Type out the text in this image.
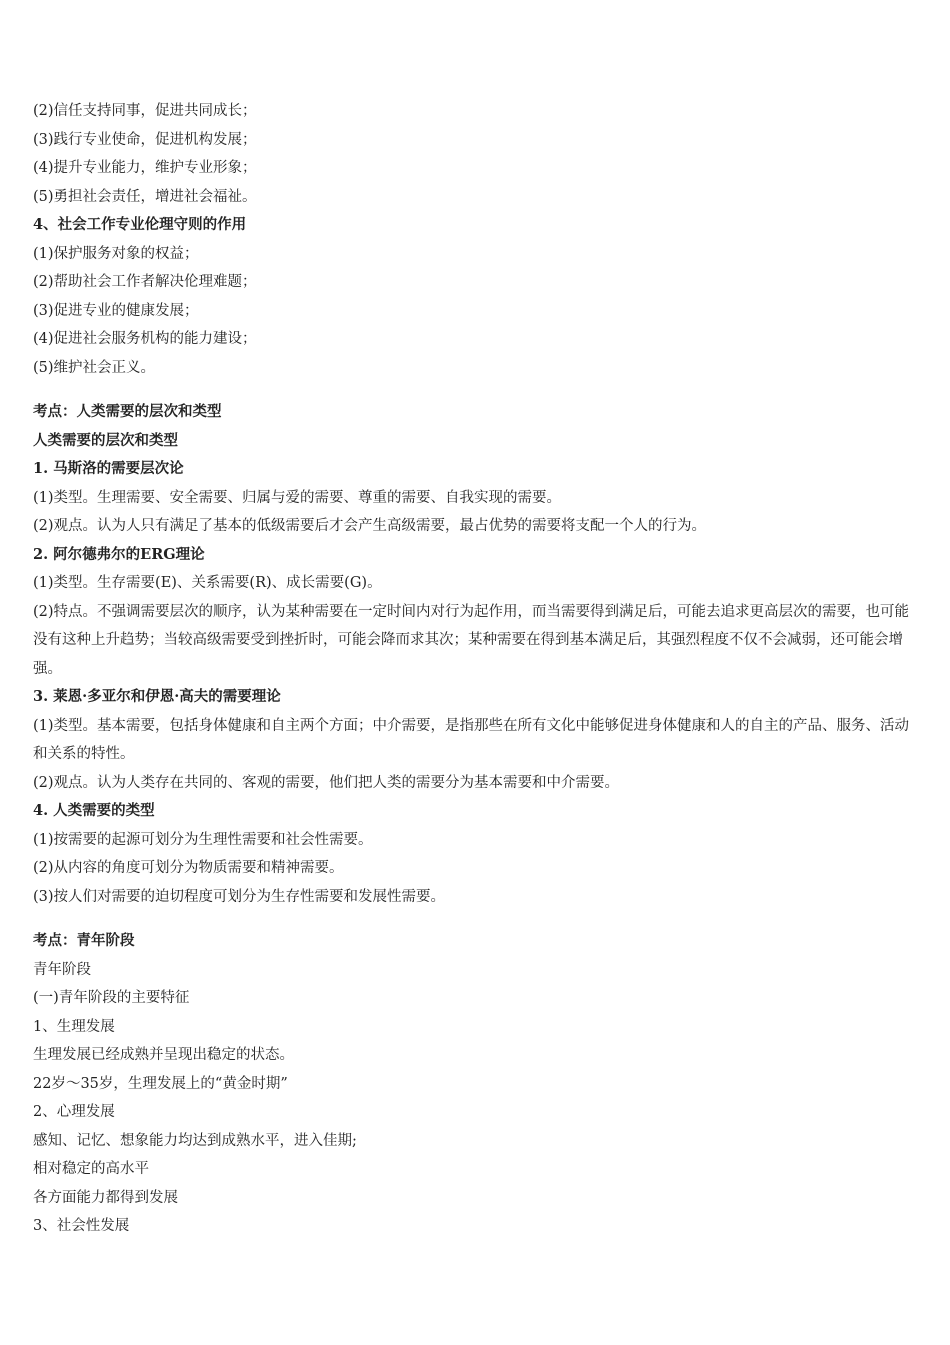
(2)信任支持同事，促进共同成长；
(3)践行专业使命，促进机构发展；
(4)提升专业能力，维护专业形象；
(5)勇担社会责任，增进社会福祉。
4、社会工作专业伦理守则的作用
(1)保护服务对象的权益；
(2)帮助社会工作者解决伦理难题；
(3)促进专业的健康发展；
(4)促进社会服务机构的能力建设；
(5)维护社会正义。
考点：人类需要的层次和类型
人类需要的层次和类型
1. 马斯洛的需要层次论
(1)类型。生理需要、安全需要、归属与爱的需要、尊重的需要、自我实现的需要。
(2)观点。认为人只有满足了基本的低级需要后才会产生高级需要，最占优势的需要将支配一个人的行为。
2. 阿尔德弗尔的ERG理论
(1)类型。生存需要(E)、关系需要(R)、成长需要(G)。
(2)特点。不强调需要层次的顺序，认为某种需要在一定时间内对行为起作用，而当需要得到满足后，可能去追求更高层次的需要，也可能没有这种上升趋势；当较高级需要受到挫折时，可能会降而求其次；某种需要在得到基本满足后，其强烈程度不仅不会减弱，还可能会增强。
3. 莱恩·多亚尔和伊恩·高夫的需要理论
(1)类型。基本需要，包括身体健康和自主两个方面；中介需要，是指那些在所有文化中能够促进身体健康和人的自主的产品、服务、活动和关系的特性。
(2)观点。认为人类存在共同的、客观的需要，他们把人类的需要分为基本需要和中介需要。
4. 人类需要的类型
(1)按需要的起源可划分为生理性需要和社会性需要。
(2)从内容的角度可划分为物质需要和精神需要。
(3)按人们对需要的迫切程度可划分为生存性需要和发展性需要。
考点：青年阶段
青年阶段
(一)青年阶段的主要特征
1、生理发展
生理发展已经成熟并呈现出稳定的状态。
22岁～35岁，生理发展上的“黄金时期”
2、心理发展
感知、记忆、想象能力均达到成熟水平，进入佳期;
相对稳定的高水平
各方面能力都得到发展
3、社会性发展
